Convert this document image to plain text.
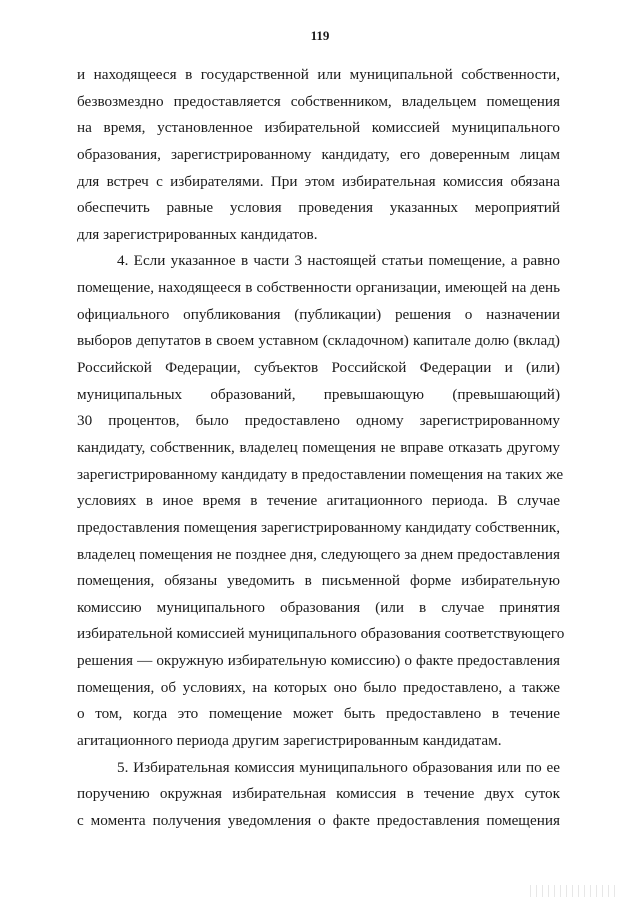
119
и находящееся в государственной или муниципальной собственности,
безвозмездно предоставляется собственником, владельцем помещения
на время, установленное избирательной комиссией муниципального
образования, зарегистрированному кандидату, его доверенным лицам
для встреч с избирателями. При этом избирательная комиссия обязана
обеспечить равные условия проведения указанных мероприятий
для зарегистрированных кандидатов.
4. Если указанное в части 3 настоящей статьи помещение, а равно
помещение, находящееся в собственности организации, имеющей на день
официального опубликования (публикации) решения о назначении
выборов депутатов в своем уставном (складочном) капитале долю (вклад)
Российской Федерации, субъектов Российской Федерации и (или)
муниципальных образований, превышающую (превышающий)
30 процентов, было предоставлено одному зарегистрированному
кандидату, собственник, владелец помещения не вправе отказать другому
зарегистрированному кандидату в предоставлении помещения на таких же
условиях в иное время в течение агитационного периода. В случае
предоставления помещения зарегистрированному кандидату собственник,
владелец помещения не позднее дня, следующего за днем предоставления
помещения, обязаны уведомить в письменной форме избирательную
комиссию муниципального образования (или в случае принятия
избирательной комиссией муниципального образования соответствующего
решения — окружную избирательную комиссию) о факте предоставления
помещения, об условиях, на которых оно было предоставлено, а также
о том, когда это помещение может быть предоставлено в течение
агитационного периода другим зарегистрированным кандидатам.
5. Избирательная комиссия муниципального образования или по ее
поручению окружная избирательная комиссия в течение двух суток
с момента получения уведомления о факте предоставления помещения
